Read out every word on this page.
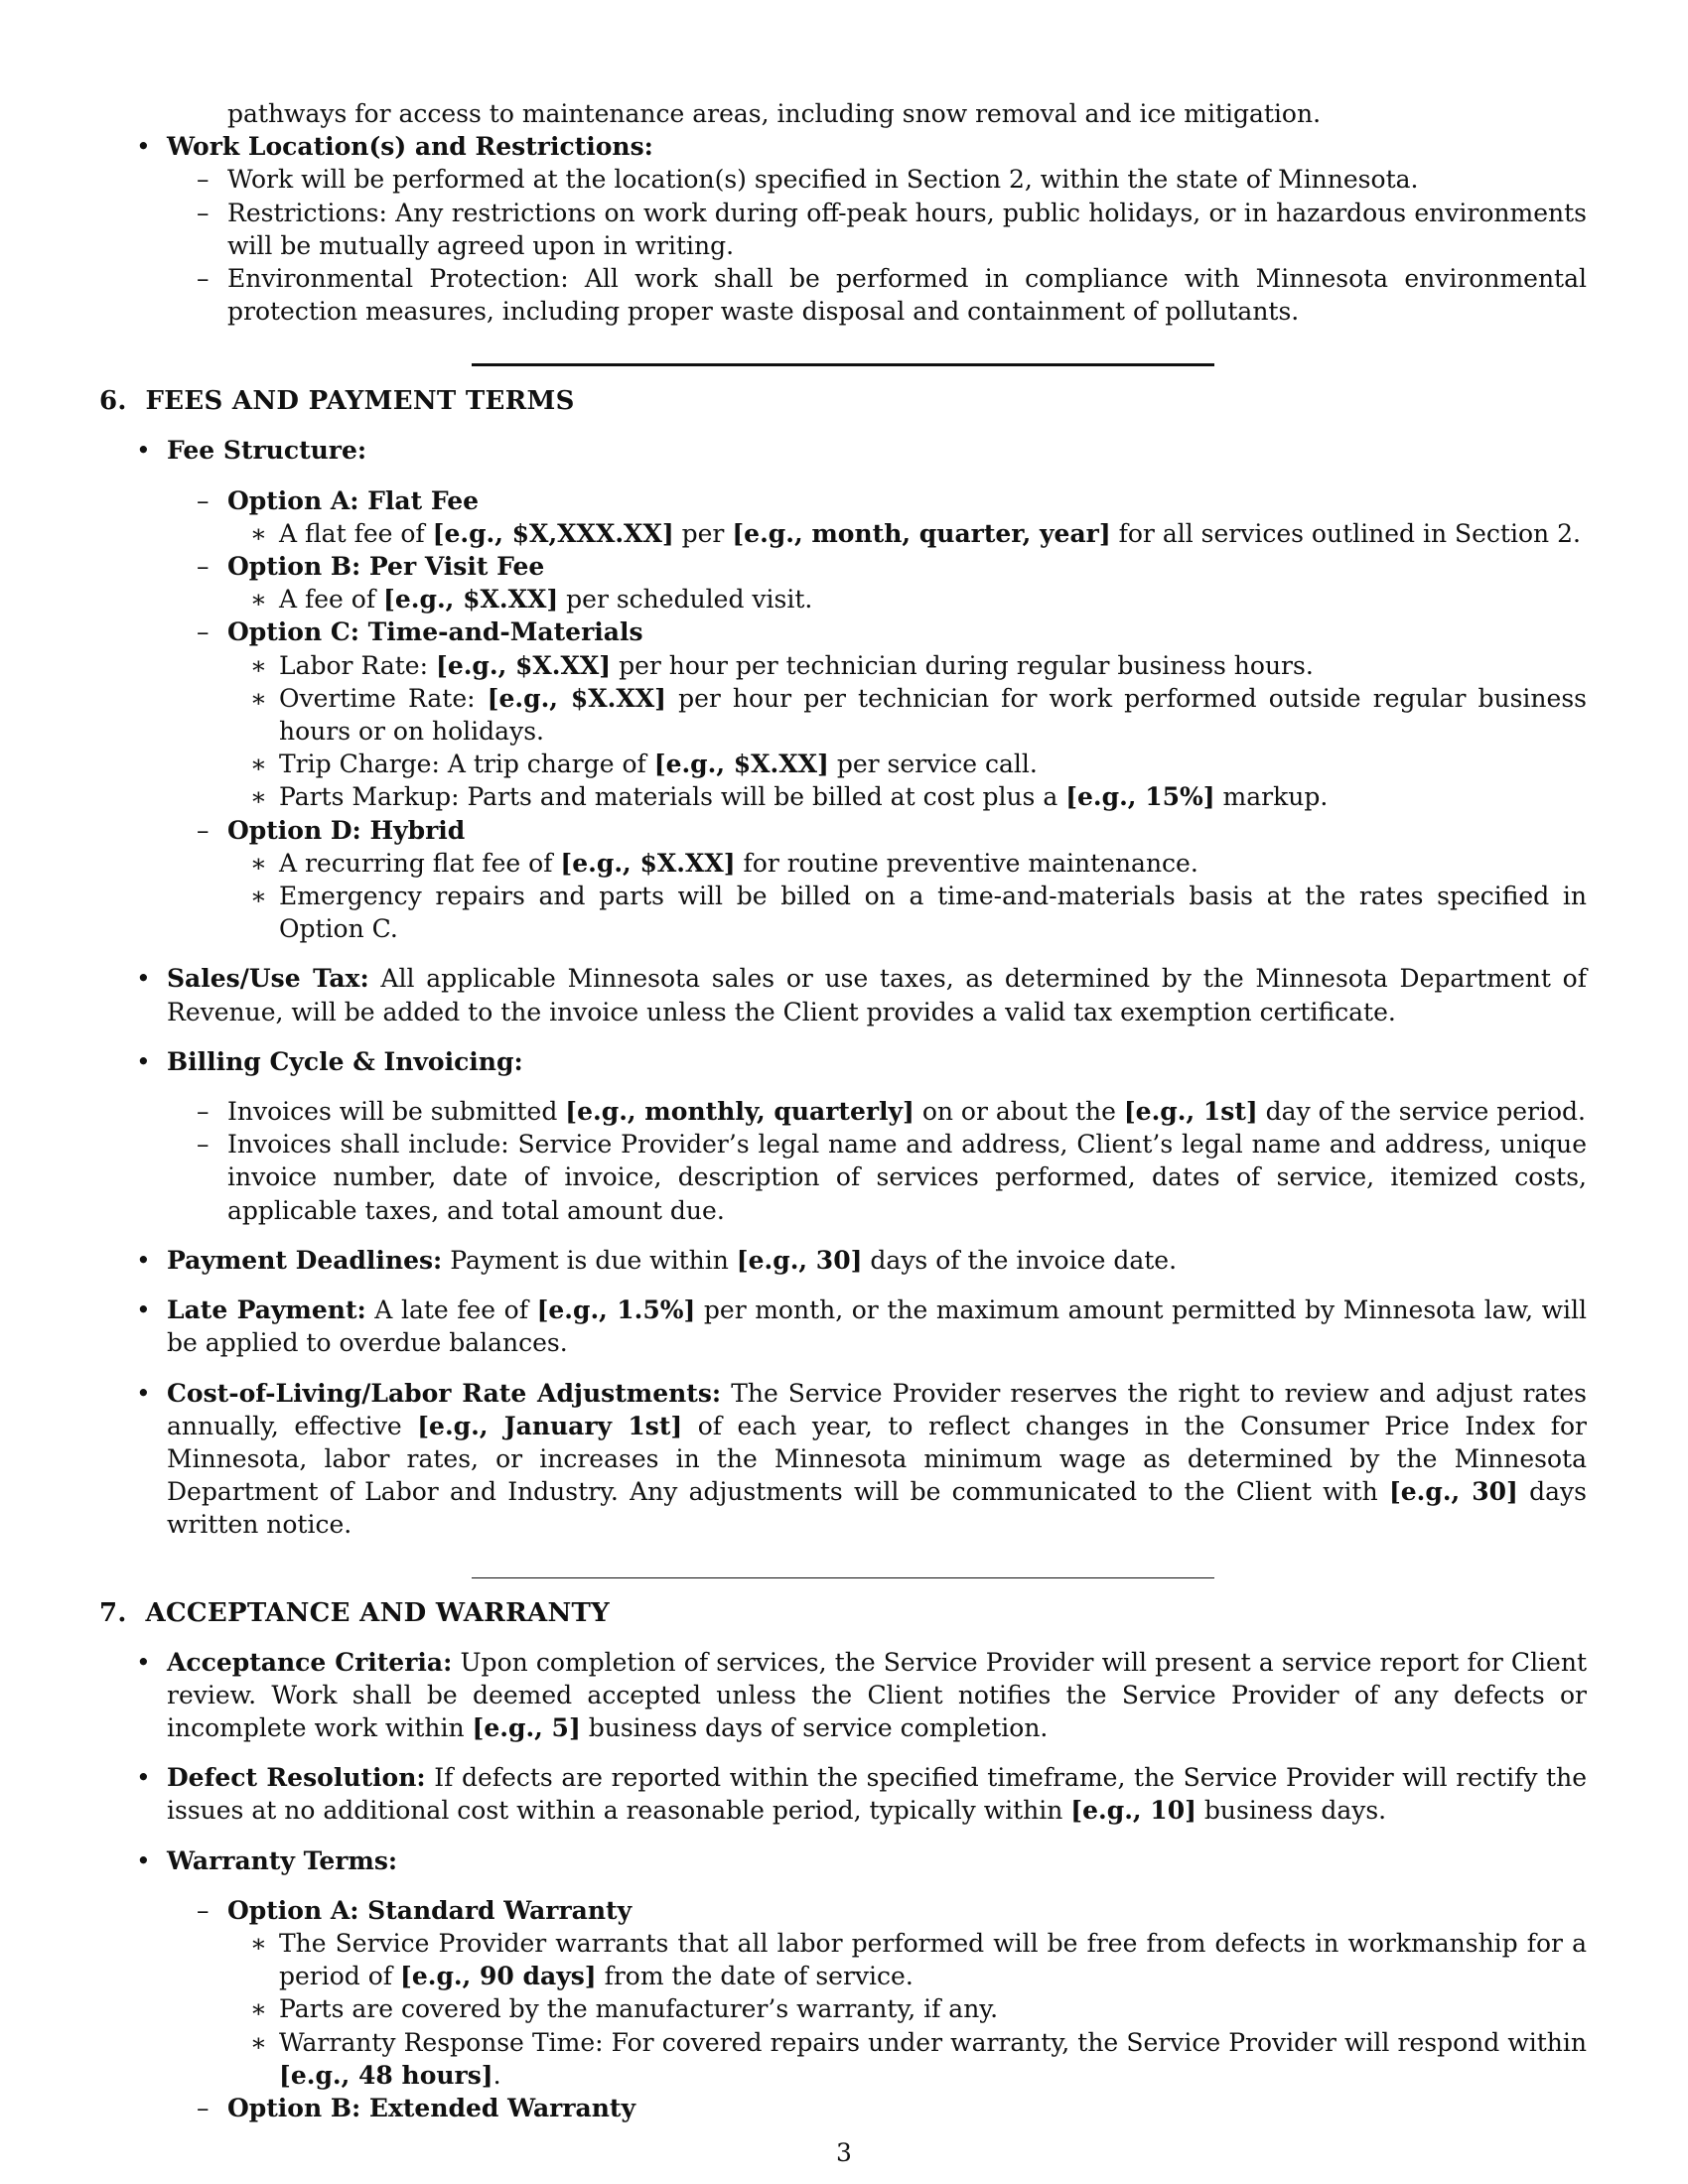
pathways for access to maintenance areas, including snow removal and ice mitigation.

• Work Location(s) and Restrictions:
– Work will be performed at the location(s) specified in Section 2, within the state of Minnesota.
– Restrictions: Any restrictions on work during off-peak hours, public holidays, or in hazardous environments will be mutually agreed upon in writing.
– Environmental Protection: All work shall be performed in compliance with Minnesota environmental protection measures, including proper waste disposal and containment of pollutants.
6. FEES AND PAYMENT TERMS
• Fee Structure:
– Option A: Flat Fee
∗ A flat fee of [e.g., $X,XXX.XX] per [e.g., month, quarter, year] for all services outlined in Section 2.
– Option B: Per Visit Fee
∗ A fee of [e.g., $X.XX] per scheduled visit.
– Option C: Time-and-Materials
∗ Labor Rate: [e.g., $X.XX] per hour per technician during regular business hours.
∗ Overtime Rate: [e.g., $X.XX] per hour per technician for work performed outside regular business hours or on holidays.
∗ Trip Charge: A trip charge of [e.g., $X.XX] per service call.
∗ Parts Markup: Parts and materials will be billed at cost plus a [e.g., 15%] markup.
– Option D: Hybrid
∗ A recurring flat fee of [e.g., $X.XX] for routine preventive maintenance.
∗ Emergency repairs and parts will be billed on a time-and-materials basis at the rates specified in Option C.
• Sales/Use Tax: All applicable Minnesota sales or use taxes, as determined by the Minnesota Department of Revenue, will be added to the invoice unless the Client provides a valid tax exemption certificate.
• Billing Cycle & Invoicing:
– Invoices will be submitted [e.g., monthly, quarterly] on or about the [e.g., 1st] day of the service period.
– Invoices shall include: Service Provider’s legal name and address, Client’s legal name and address, unique invoice number, date of invoice, description of services performed, dates of service, itemized costs, applicable taxes, and total amount due.
• Payment Deadlines: Payment is due within [e.g., 30] days of the invoice date.
• Late Payment: A late fee of [e.g., 1.5%] per month, or the maximum amount permitted by Minnesota law, will be applied to overdue balances.
• Cost-of-Living/Labor Rate Adjustments: The Service Provider reserves the right to review and adjust rates annually, effective [e.g., January 1st] of each year, to reflect changes in the Consumer Price Index for Minnesota, labor rates, or increases in the Minnesota minimum wage as determined by the Minnesota Department of Labor and Industry. Any adjustments will be communicated to the Client with [e.g., 30] days written notice.
7. ACCEPTANCE AND WARRANTY
• Acceptance Criteria: Upon completion of services, the Service Provider will present a service report for Client review. Work shall be deemed accepted unless the Client notifies the Service Provider of any defects or incomplete work within [e.g., 5] business days of service completion.
• Defect Resolution: If defects are reported within the specified timeframe, the Service Provider will rectify the issues at no additional cost within a reasonable period, typically within [e.g., 10] business days.
• Warranty Terms:
– Option A: Standard Warranty
∗ The Service Provider warrants that all labor performed will be free from defects in workmanship for a period of [e.g., 90 days] from the date of service.
∗ Parts are covered by the manufacturer’s warranty, if any.
∗ Warranty Response Time: For covered repairs under warranty, the Service Provider will respond within [e.g., 48 hours].
– Option B: Extended Warranty
3
